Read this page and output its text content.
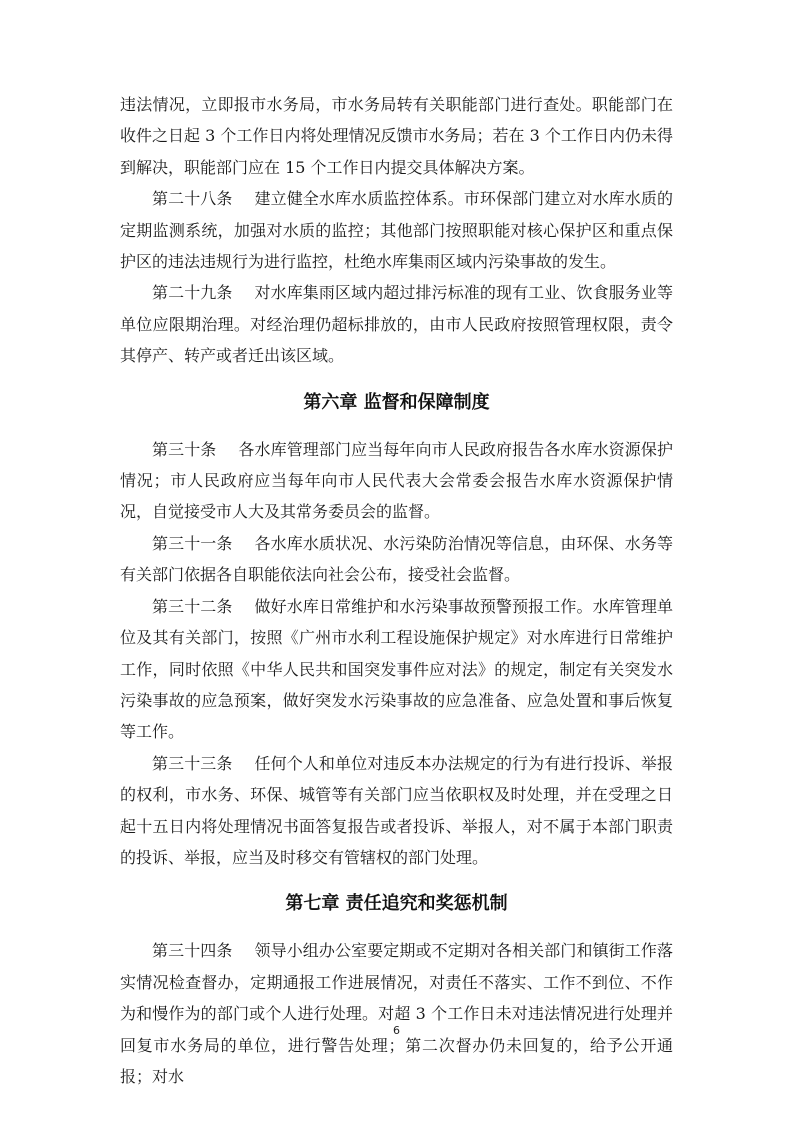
违法情况，立即报市水务局，市水务局转有关职能部门进行查处。职能部门在收件之日起 3 个工作日内将处理情况反馈市水务局；若在 3 个工作日内仍未得到解决，职能部门应在 15 个工作日内提交具体解决方案。

第二十八条 建立健全水库水质监控体系。市环保部门建立对水库水质的定期监测系统，加强对水质的监控；其他部门按照职能对核心保护区和重点保护区的违法违规行为进行监控，杜绝水库集雨区域内污染事故的发生。

第二十九条 对水库集雨区域内超过排污标准的现有工业、饮食服务业等单位应限期治理。对经治理仍超标排放的，由市人民政府按照管理权限，责令其停产、转产或者迁出该区域。

第六章 监督和保障制度

第三十条 各水库管理部门应当每年向市人民政府报告各水库水资源保护情况；市人民政府应当每年向市人民代表大会常委会报告水库水资源保护情况，自觉接受市人大及其常务委员会的监督。

第三十一条 各水库水质状况、水污染防治情况等信息，由环保、水务等有关部门依据各自职能依法向社会公布，接受社会监督。

第三十二条 做好水库日常维护和水污染事故预警预报工作。水库管理单位及其有关部门，按照《广州市水利工程设施保护规定》对水库进行日常维护工作，同时依照《中华人民共和国突发事件应对法》的规定，制定有关突发水污染事故的应急预案，做好突发水污染事故的应急准备、应急处置和事后恢复等工作。

第三十三条 任何个人和单位对违反本办法规定的行为有进行投诉、举报的权利，市水务、环保、城管等有关部门应当依职权及时处理，并在受理之日起十五日内将处理情况书面答复报告或者投诉、举报人，对不属于本部门职责的投诉、举报，应当及时移交有管辖权的部门处理。

第七章 责任追究和奖惩机制

第三十四条 领导小组办公室要定期或不定期对各相关部门和镇街工作落实情况检查督办，定期通报工作进展情况，对责任不落实、工作不到位、不作为和慢作为的部门或个人进行处理。对超 3 个工作日未对违法情况进行处理并回复市水务局的单位，进行警告处理；第二次督办仍未回复的，给予公开通报；对水

6
